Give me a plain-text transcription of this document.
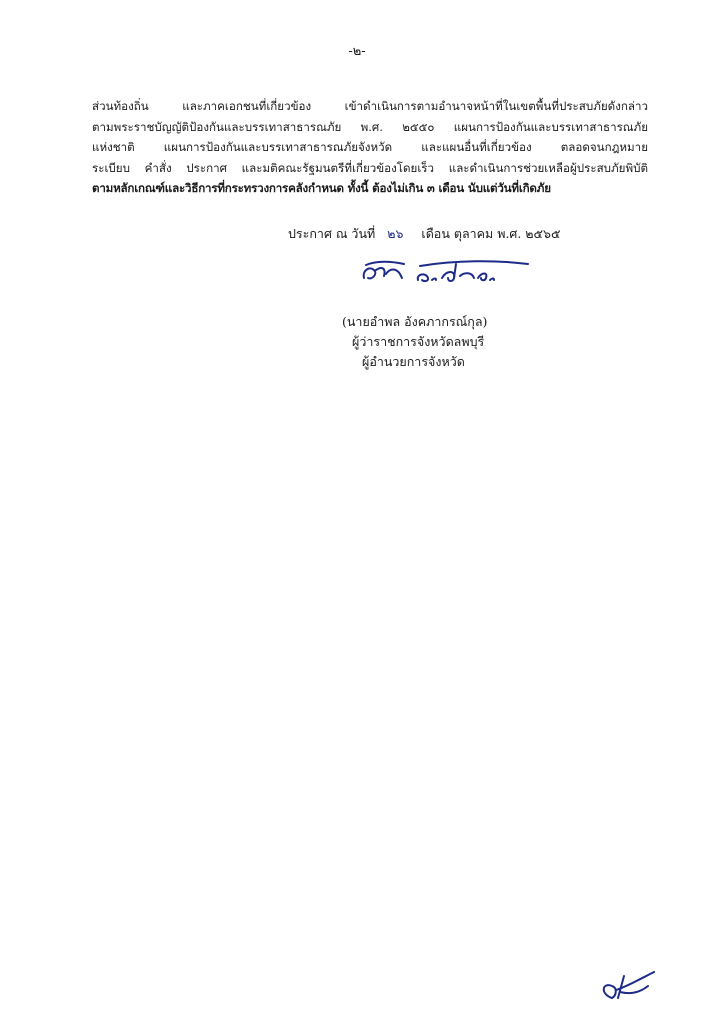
-๒-
ส่วนท้องถิ่น และภาคเอกชนที่เกี่ยวข้อง เข้าดำเนินการตามอำนาจหน้าที่ในเขตพื้นที่ประสบภัยดังกล่าว
ตามพระราชบัญญัติป้องกันและบรรเทาสาธารณภัย พ.ศ. ๒๕๕๐ แผนการป้องกันและบรรเทาสาธารณภัย
แห่งชาติ แผนการป้องกันและบรรเทาสาธารณภัยจังหวัด และแผนอื่นที่เกี่ยวข้อง ตลอดจนกฎหมาย
ระเบียบ คำสั่ง ประกาศ และมติคณะรัฐมนตรีที่เกี่ยวข้องโดยเร็ว และดำเนินการช่วยเหลือผู้ประสบภัยพิบัติ
ตามหลักเกณฑ์และวิธีการที่กระทรวงการคลังกำหนด ทั้งนี้ ต้องไม่เกิน ๓ เดือน นับแต่วันที่เกิดภัย
ประกาศ ณ วันที่ ๒๖ เดือน ตุลาคม พ.ศ. ๒๕๖๕
(นายอำพล อังคภากรณ์กุล)
ผู้ว่าราชการจังหวัดลพบุรี
ผู้อำนวยการจังหวัด
